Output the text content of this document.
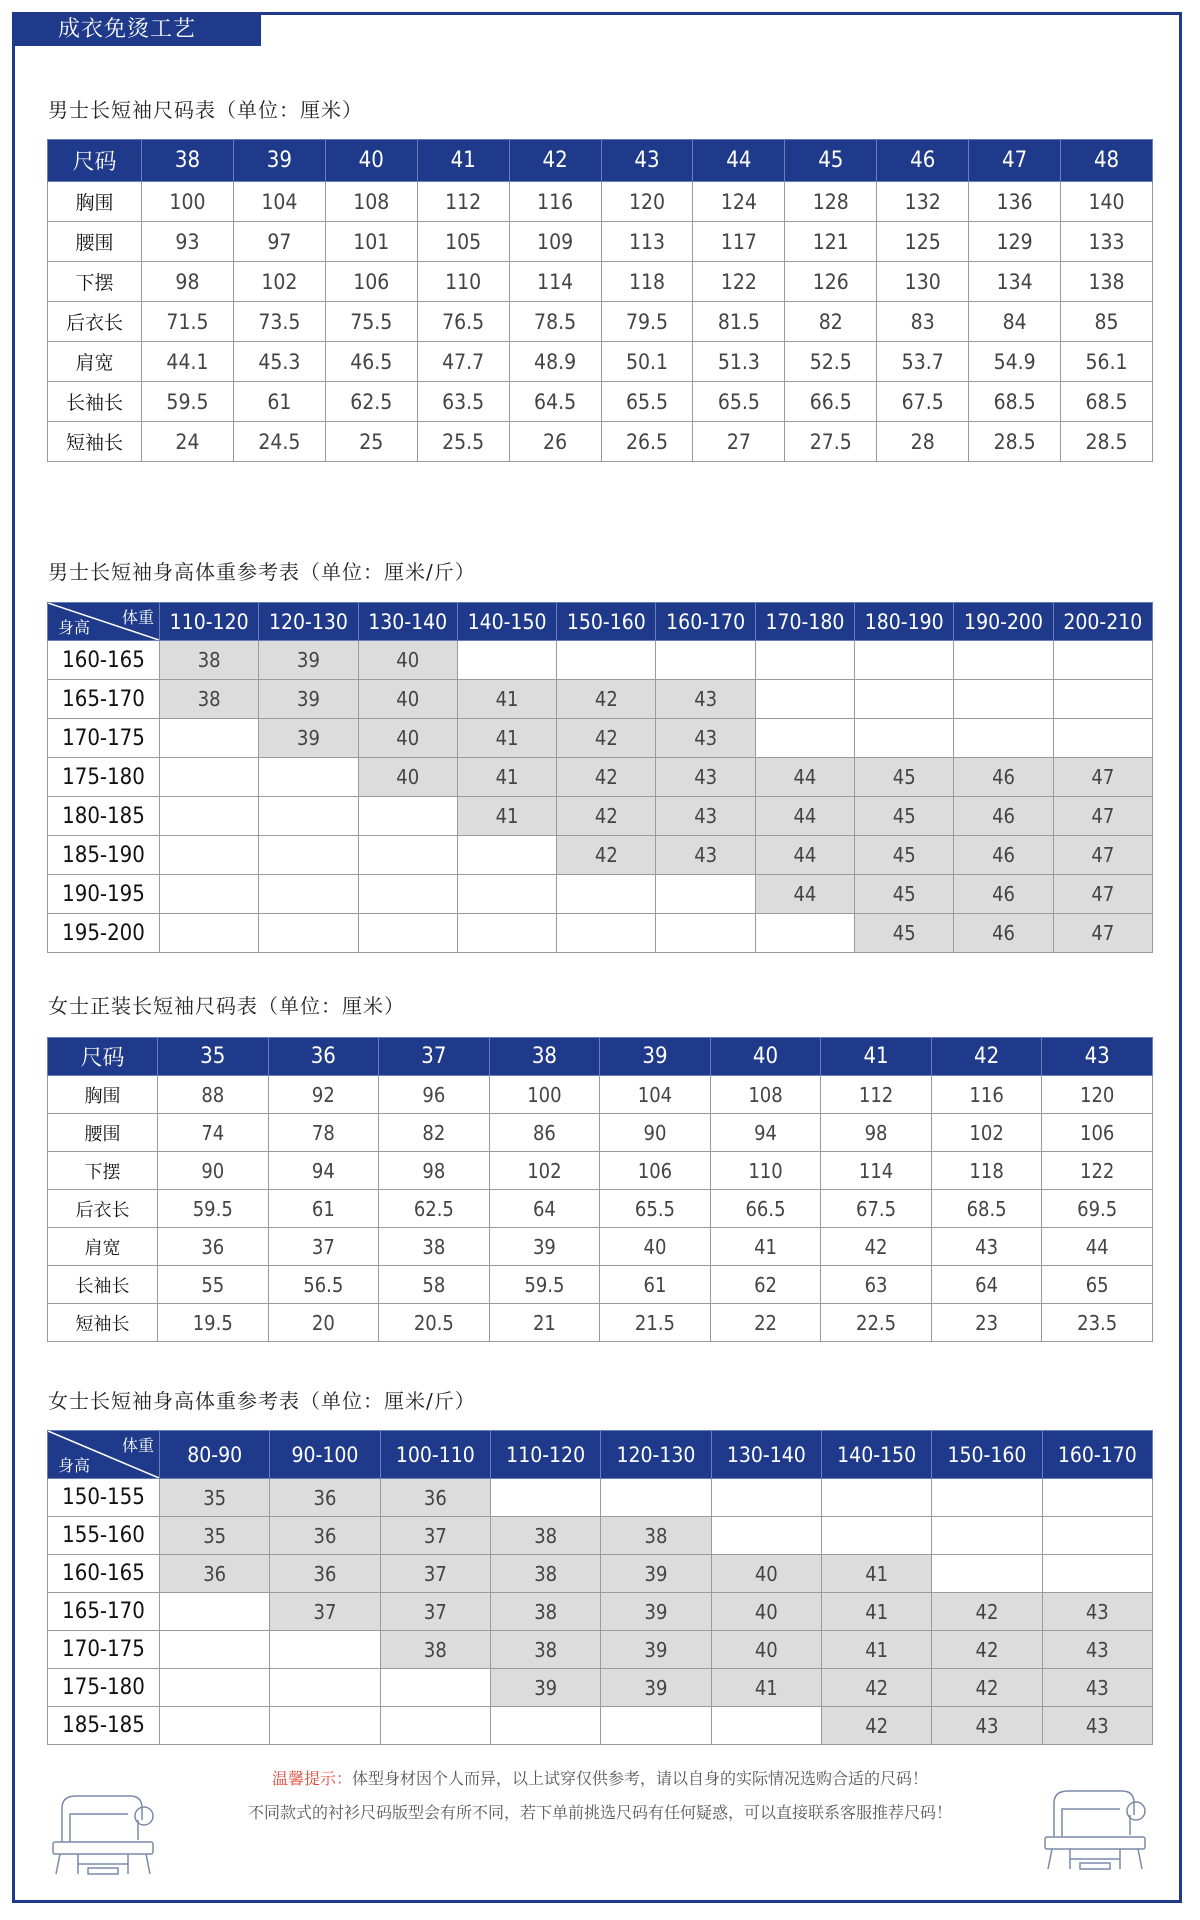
成衣免烫工艺
男士长短袖尺码表（单位：厘米）
尺码	38	39	40	41	42	43	44	45	46	47	48
胸围	100	104	108	112	116	120	124	128	132	136	140
腰围	93	97	101	105	109	113	117	121	125	129	133
下摆	98	102	106	110	114	118	122	126	130	134	138
后衣长	71.5	73.5	75.5	76.5	78.5	79.5	81.5	82	83	84	85
肩宽	44.1	45.3	46.5	47.7	48.9	50.1	51.3	52.5	53.7	54.9	56.1
长袖长	59.5	61	62.5	63.5	64.5	65.5	65.5	66.5	67.5	68.5	68.5
短袖长	24	24.5	25	25.5	26	26.5	27	27.5	28	28.5	28.5
男士长短袖身高体重参考表（单位：厘米/斤）
体重
身高	110-120	120-130	130-140	140-150	150-160	160-170	170-180	180-190	190-200	200-210
160-165	38	39	40							
165-170	38	39	40	41	42	43				
170-175		39	40	41	42	43				
175-180			40	41	42	43	44	45	46	47
180-185				41	42	43	44	45	46	47
185-190					42	43	44	45	46	47
190-195							44	45	46	47
195-200								45	46	47
女士正装长短袖尺码表（单位：厘米）
尺码	35	36	37	38	39	40	41	42	43
胸围	88	92	96	100	104	108	112	116	120
腰围	74	78	82	86	90	94	98	102	106
下摆	90	94	98	102	106	110	114	118	122
后衣长	59.5	61	62.5	64	65.5	66.5	67.5	68.5	69.5
肩宽	36	37	38	39	40	41	42	43	44
长袖长	55	56.5	58	59.5	61	62	63	64	65
短袖长	19.5	20	20.5	21	21.5	22	22.5	23	23.5
女士长短袖身高体重参考表（单位：厘米/斤）
体重
身高	80-90	90-100	100-110	110-120	120-130	130-140	140-150	150-160	160-170
150-155	35	36	36						
155-160	35	36	37	38	38				
160-165	36	36	37	38	39	40	41		
165-170		37	37	38	39	40	41	42	43
170-175			38	38	39	40	41	42	43
175-180				39	39	41	42	42	43
185-185							42	43	43
温馨提示：体型身材因个人而异，以上试穿仅供参考，请以自身的实际情况选购合适的尺码！
不同款式的衬衫尺码版型会有所不同，若下单前挑选尺码有任何疑惑，可以直接联系客服推荐尺码！
